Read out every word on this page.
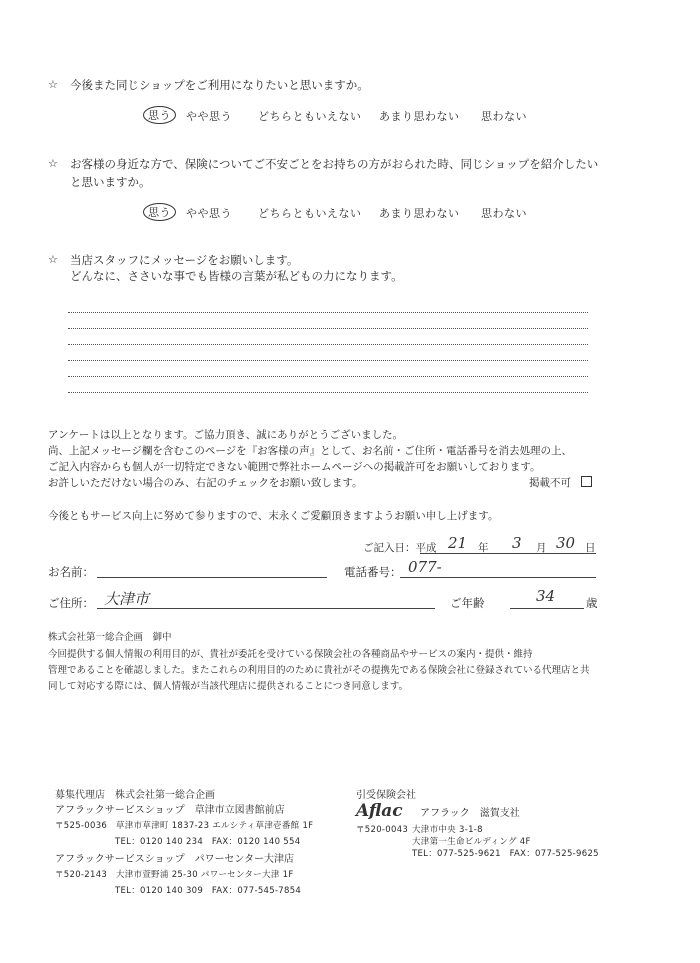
☆ 今後また同じショップをご利用になりたいと思いますか。
思う	やや思う どちらともいえない あまり思わない 思わない
☆ お客様の身近な方で、保険についてご不安ごとをお持ちの方がおられた時、同じショップを紹介したい
と思いますか。
思う	やや思う どちらともいえない あまり思わない 思わない
☆ 当店スタッフにメッセージをお願いします。
どんなに、ささいな事でも皆様の言葉が私どもの力になります。
アンケートは以上となります。ご協力頂き、誠にありがとうございました。
尚、上記メッセージ欄を含むこのページを『お客様の声』として、お名前・ご住所・電話番号を消去処理の上、
ご記入内容からも個人が一切特定できない範囲で弊社ホームページへの掲載許可をお願いしております。
お許しいただけない場合のみ、右記のチェックをお願い致します。	掲載不可
今後ともサービス向上に努めて参りますので、末永くご愛顧頂きますようお願い申し上げます。
ご記入日：平成 21 年 3 月 30 日
お名前：	電話番号： 077-
ご住所： 大津市	ご年齢	34	歳
株式会社第一総合企画　御中
今回提供する個人情報の利用目的が、貴社が委託を受けている保険会社の各種商品やサービスの案内・提供・維持
管理であることを確認しました。またこれらの利用目的のために貴社がその提携先である保険会社に登録されている代理店と共
同して対応する際には、個人情報が当該代理店に提供されることにつき同意します。
募集代理店　株式会社第一総合企画
アフラックサービスショップ　草津市立図書館前店
〒525-0036　草津市草津町 1837-23 エルシティ草津壱番館 1F
TEL：0120 140 234　FAX：0120 140 554
アフラックサービスショップ　パワーセンター大津店
〒520-2143　大津市萱野浦 25-30 パワーセンター大津 1F
TEL：0120 140 309　FAX：077-545-7854
引受保険会社
Aflac アフラック　滋賀支社
〒520-0043 大津市中央 3-1-8
大津第一生命ビルディング 4F
TEL：077-525-9621　FAX：077-525-9625
